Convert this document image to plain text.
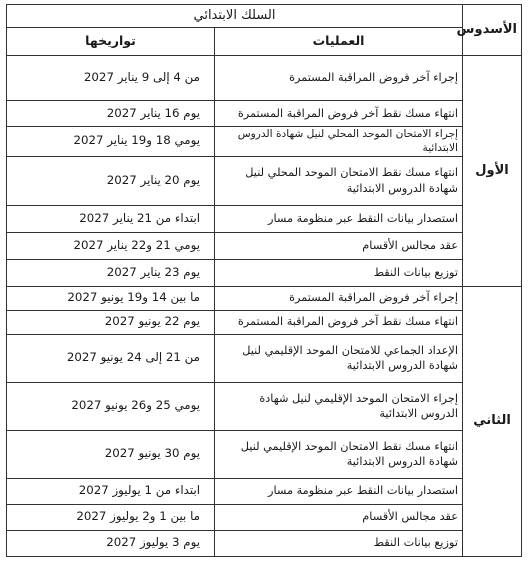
الأسدوس	السلك الابتدائي	
	العمليات	تواريخها
الأول	إجراء آخر فروض المراقبة المستمرة	من 4 إلى 9 يناير 2027
	انتهاء مسك نقط آخر فروض المراقبة المستمرة	يوم 16 يناير 2027
	إجراء الامتحان الموحد المحلي لنيل شهادة الدروس الابتدائية	يومي 18 و19 يناير 2027
	انتهاء مسك نقط الامتحان الموحد المحلي لنيل شهادة الدروس الابتدائية	يوم 20 يناير 2027
	استصدار بيانات النقط عبر منظومة مسار	ابتداء من 21 يناير 2027
	عقد مجالس الأقسام	يومي 21 و22 يناير 2027
	توزيع بيانات النقط	يوم 23 يناير 2027
الثاني	إجراء آخر فروض المراقبة المستمرة	ما بين 14 و19 يونيو 2027
	انتهاء مسك نقط آخر فروض المراقبة المستمرة	يوم 22 يونيو 2027
	الإعداد الجماعي للامتحان الموحد الإقليمي لنيل شهادة الدروس الابتدائية	من 21 إلى 24 يونيو 2027
	إجراء الامتحان الموحد الإقليمي لنيل شهادة الدروس الابتدائية	يومي 25 و26 يونيو 2027
	انتهاء مسك نقط الامتحان الموحد الإقليمي لنيل شهادة الدروس الابتدائية	يوم 30 يونيو 2027
	استصدار بيانات النقط عبر منظومة مسار	ابتداء من 1 يوليوز 2027
	عقد مجالس الأقسام	ما بين 1 و2 يوليوز 2027
	توزيع بيانات النقط	يوم 3 يوليوز 2027
